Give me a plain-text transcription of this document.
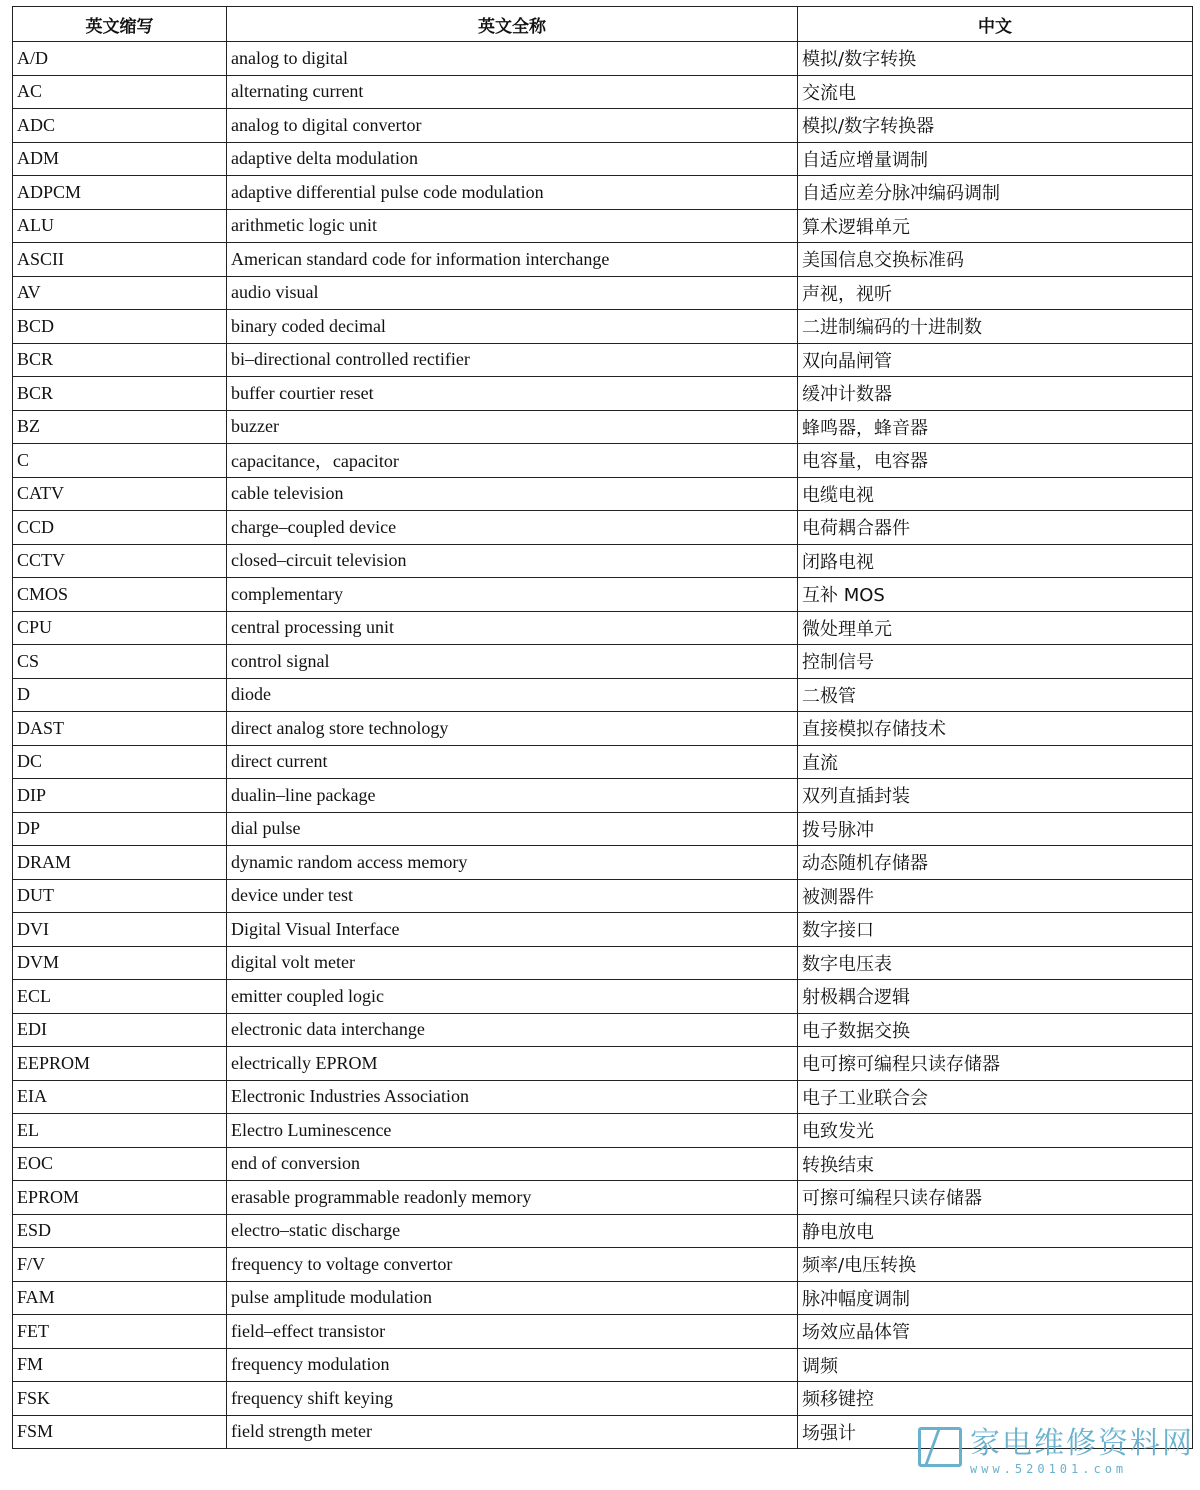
英文缩写	英文全称	中文
A/D	analog to digital	模拟/数字转换
AC	alternating current	交流电
ADC	analog to digital convertor	模拟/数字转换器
ADM	adaptive delta modulation	自适应增量调制
ADPCM	adaptive differential pulse code modulation	自适应差分脉冲编码调制
ALU	arithmetic logic unit	算术逻辑单元
ASCII	American standard code for information interchange	美国信息交换标准码
AV	audio visual	声视，视听
BCD	binary coded decimal	二进制编码的十进制数
BCR	bi–directional controlled rectifier	双向晶闸管
BCR	buffer courtier reset	缓冲计数器
BZ	buzzer	蜂鸣器，蜂音器
C	capacitance，capacitor	电容量，电容器
CATV	cable television	电缆电视
CCD	charge–coupled device	电荷耦合器件
CCTV	closed–circuit television	闭路电视
CMOS	complementary	互补 MOS
CPU	central processing unit	微处理单元
CS	control signal	控制信号
D	diode	二极管
DAST	direct analog store technology	直接模拟存储技术
DC	direct current	直流
DIP	dualin–line package	双列直插封装
DP	dial pulse	拨号脉冲
DRAM	dynamic random access memory	动态随机存储器
DUT	device under test	被测器件
DVI	Digital Visual Interface	数字接口
DVM	digital volt meter	数字电压表
ECL	emitter coupled logic	射极耦合逻辑
EDI	electronic data interchange	电子数据交换
EEPROM	electrically EPROM	电可擦可编程只读存储器
EIA	Electronic Industries Association	电子工业联合会
EL	Electro Luminescence	电致发光
EOC	end of conversion	转换结束
EPROM	erasable programmable readonly memory	可擦可编程只读存储器
ESD	electro–static discharge	静电放电
F/V	frequency to voltage convertor	频率/电压转换
FAM	pulse amplitude modulation	脉冲幅度调制
FET	field–effect transistor	场效应晶体管
FM	frequency modulation	调频
FSK	frequency shift keying	频移键控
FSM	field strength meter	场强计	家电维修资料网
www.520101.com
